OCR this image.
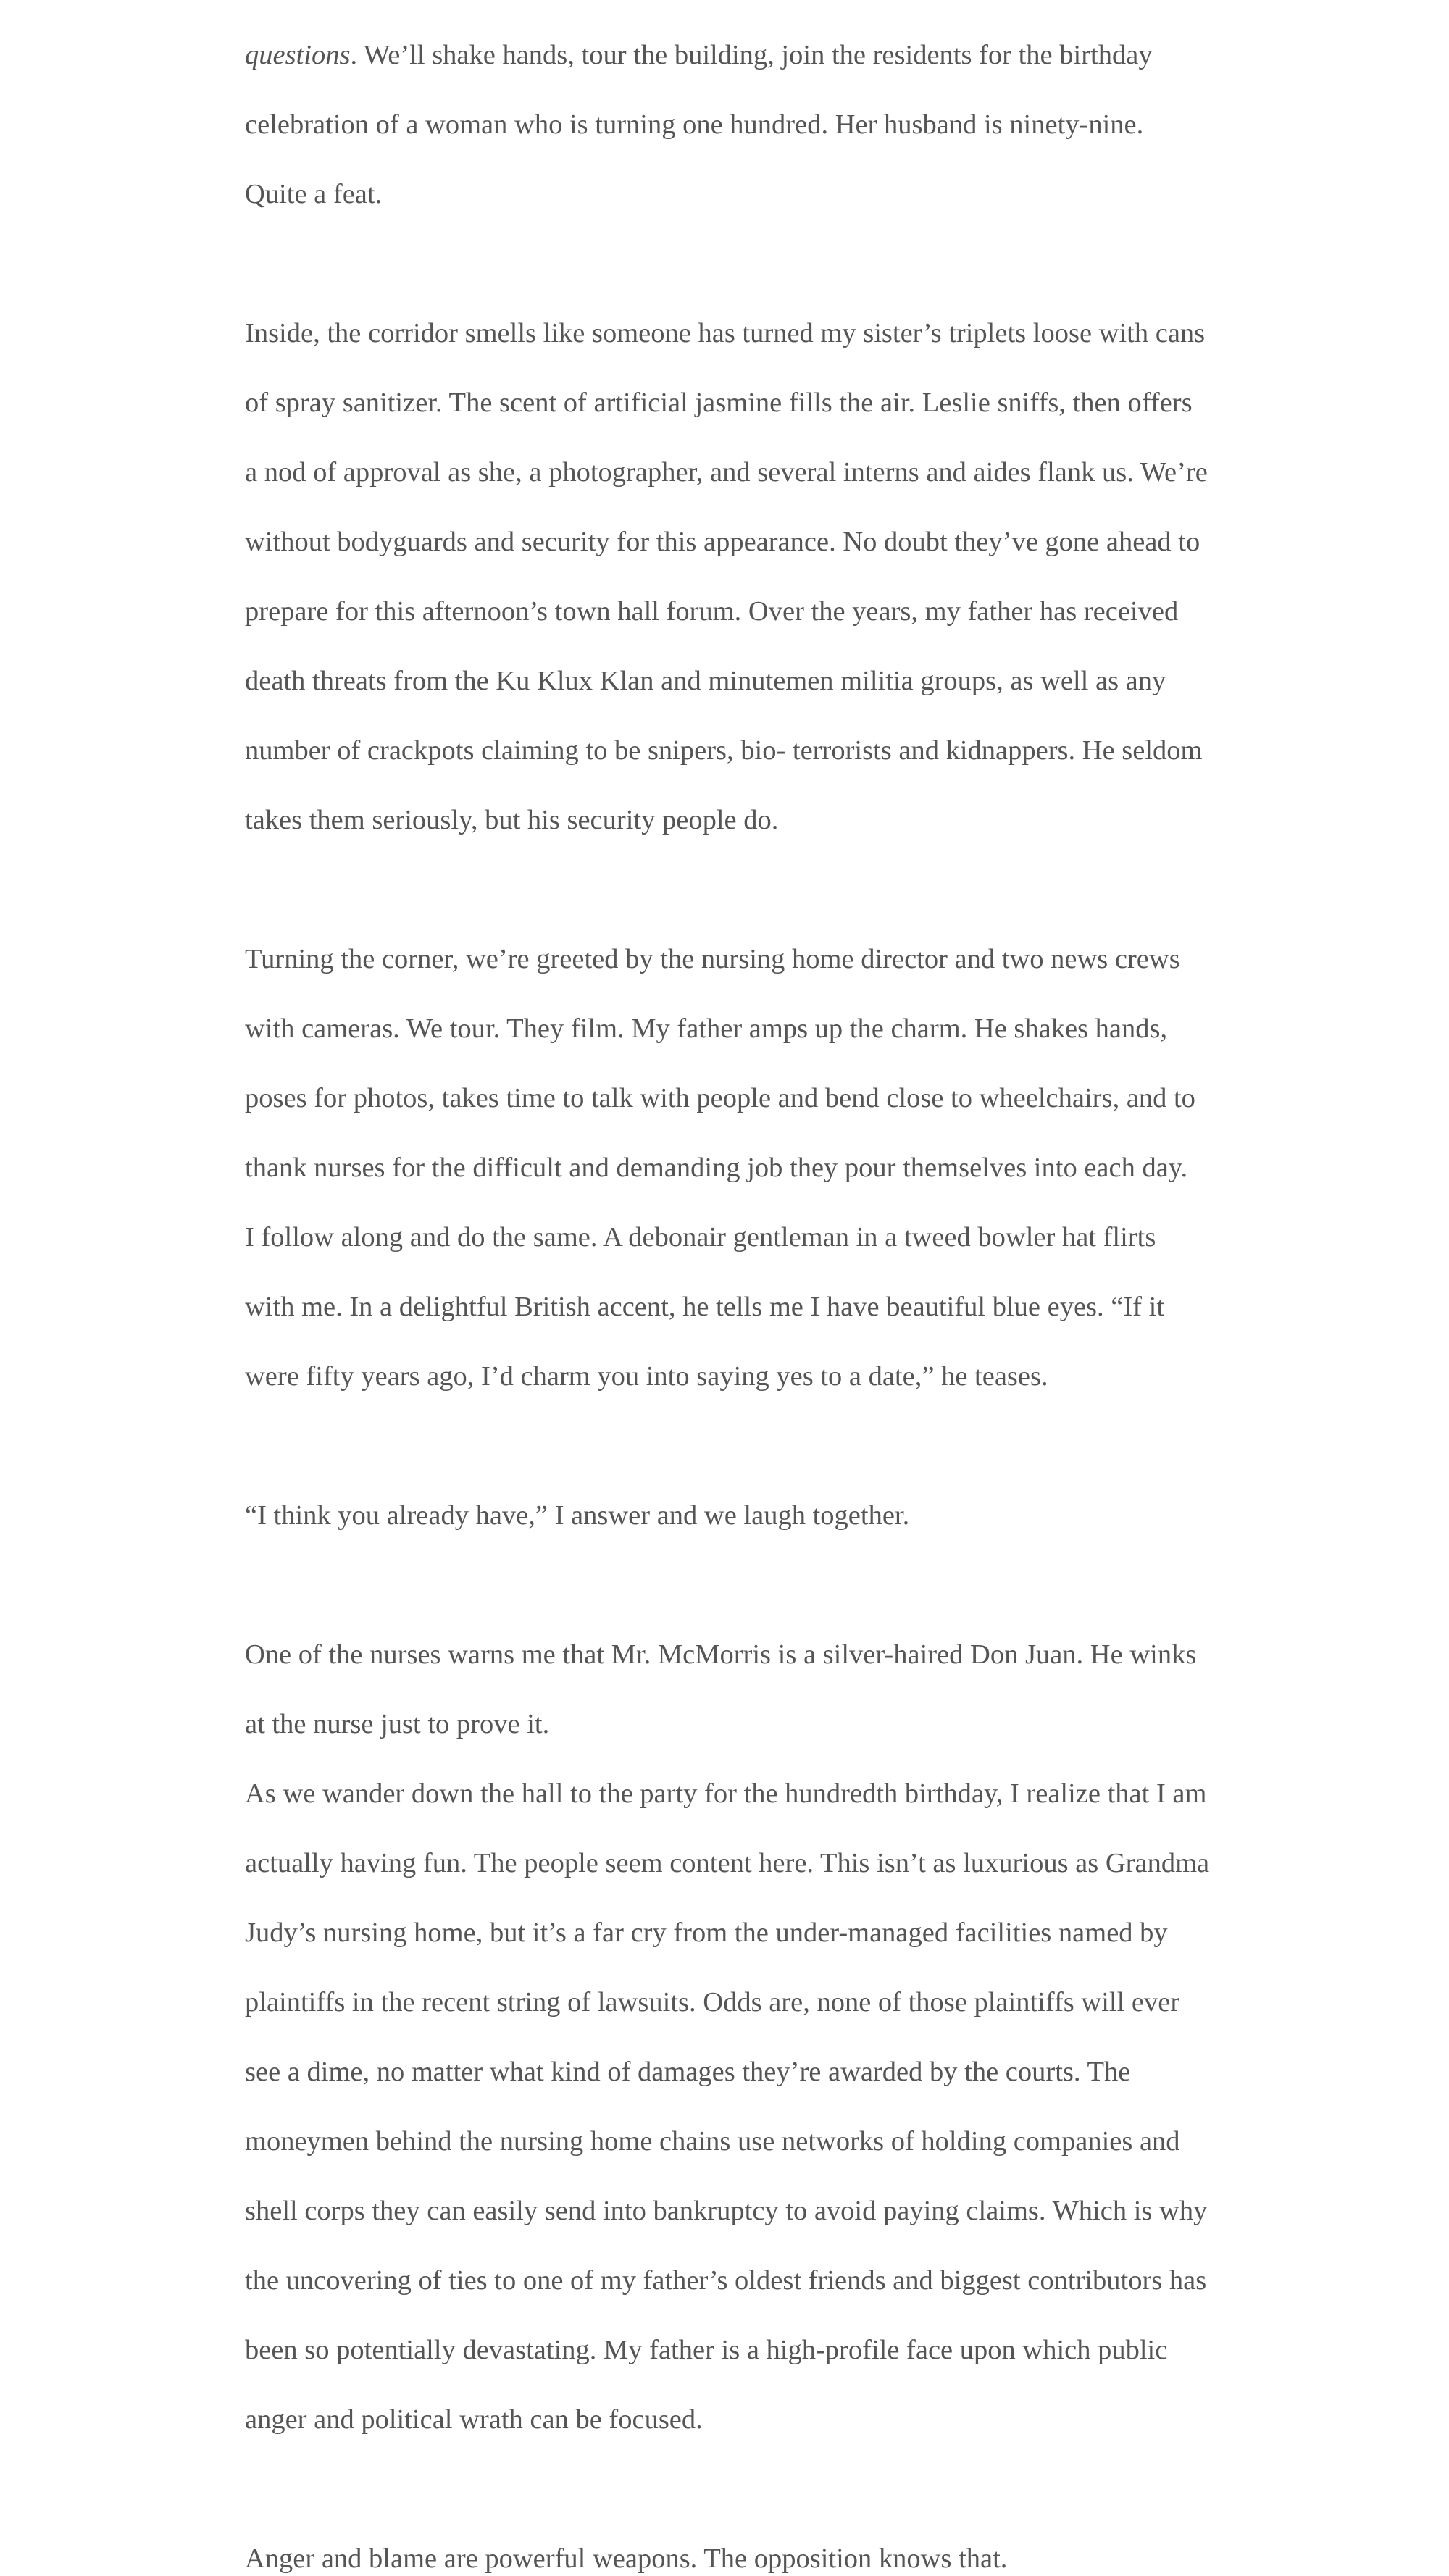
questions. We’ll shake hands, tour the building, join the residents for the birthday

celebration of a woman who is turning one hundred. Her husband is ninety-nine.

Quite a feat.

Inside, the corridor smells like someone has turned my sister’s triplets loose with cans

of spray sanitizer. The scent of artificial jasmine fills the air. Leslie sniffs, then offers

a nod of approval as she, a photographer, and several interns and aides flank us. We’re

without bodyguards and security for this appearance. No doubt they’ve gone ahead to

prepare for this afternoon’s town hall forum. Over the years, my father has received

death threats from the Ku Klux Klan and minutemen militia groups, as well as any

number of crackpots claiming to be snipers, bio- terrorists and kidnappers. He seldom

takes them seriously, but his security people do.

Turning the corner, we’re greeted by the nursing home director and two news crews

with cameras. We tour. They film. My father amps up the charm. He shakes hands,

poses for photos, takes time to talk with people and bend close to wheelchairs, and to

thank nurses for the difficult and demanding job they pour themselves into each day.

I follow along and do the same. A debonair gentleman in a tweed bowler hat flirts

with me. In a delightful British accent, he tells me I have beautiful blue eyes. “If it

were fifty years ago, I’d charm you into saying yes to a date,” he teases.

“I think you already have,” I answer and we laugh together.

One of the nurses warns me that Mr. McMorris is a silver-haired Don Juan. He winks

at the nurse just to prove it.

As we wander down the hall to the party for the hundredth birthday, I realize that I am

actually having fun. The people seem content here. This isn’t as luxurious as Grandma

Judy’s nursing home, but it’s a far cry from the under-managed facilities named by

plaintiffs in the recent string of lawsuits. Odds are, none of those plaintiffs will ever

see a dime, no matter what kind of damages they’re awarded by the courts. The

moneymen behind the nursing home chains use networks of holding companies and

shell corps they can easily send into bankruptcy to avoid paying claims. Which is why

the uncovering of ties to one of my father’s oldest friends and biggest contributors has

been so potentially devastating. My father is a high-profile face upon which public

anger and political wrath can be focused.

Anger and blame are powerful weapons. The opposition knows that.
